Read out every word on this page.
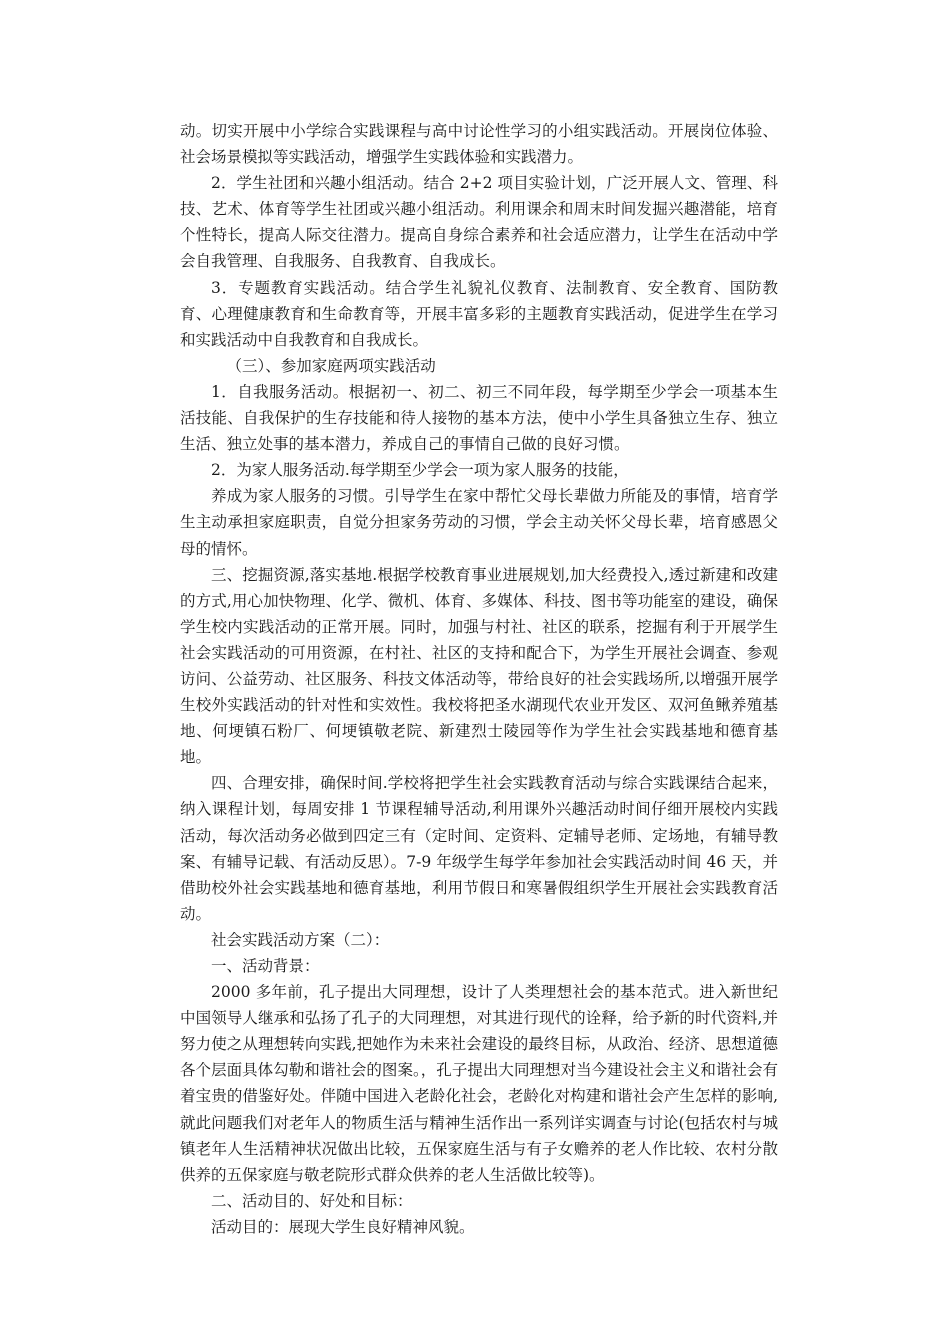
动。切实开展中小学综合实践课程与高中讨论性学习的小组实践活动。开展岗位体验、社会场景模拟等实践活动，增强学生实践体验和实践潜力。

2．学生社团和兴趣小组活动。结合 2+2 项目实验计划，广泛开展人文、管理、科技、艺术、体育等学生社团或兴趣小组活动。利用课余和周末时间发掘兴趣潜能，培育个性特长，提高人际交往潜力。提高自身综合素养和社会适应潜力，让学生在活动中学会自我管理、自我服务、自我教育、自我成长。

3．专题教育实践活动。结合学生礼貌礼仪教育、法制教育、安全教育、国防教育、心理健康教育和生命教育等，开展丰富多彩的主题教育实践活动，促进学生在学习和实践活动中自我教育和自我成长。

（三）、参加家庭两项实践活动

1．自我服务活动。根据初一、初二、初三不同年段，每学期至少学会一项基本生活技能、自我保护的生存技能和待人接物的基本方法，使中小学生具备独立生存、独立生活、独立处事的基本潜力，养成自己的事情自己做的良好习惯。

2．为家人服务活动.每学期至少学会一项为家人服务的技能，

养成为家人服务的习惯。引导学生在家中帮忙父母长辈做力所能及的事情，培育学生主动承担家庭职责，自觉分担家务劳动的习惯，学会主动关怀父母长辈，培育感恩父母的情怀。

三、挖掘资源,落实基地.根据学校教育事业进展规划,加大经费投入,透过新建和改建的方式,用心加快物理、化学、微机、体育、多媒体、科技、图书等功能室的建设，确保学生校内实践活动的正常开展。同时，加强与村社、社区的联系，挖掘有利于开展学生社会实践活动的可用资源，在村社、社区的支持和配合下，为学生开展社会调查、参观访问、公益劳动、社区服务、科技文体活动等，带给良好的社会实践场所,以增强开展学生校外实践活动的针对性和实效性。我校将把圣水湖现代农业开发区、双河鱼鳅养殖基地、何埂镇石粉厂、何埂镇敬老院、新建烈士陵园等作为学生社会实践基地和德育基地。

四、合理安排，确保时间.学校将把学生社会实践教育活动与综合实践课结合起来，纳入课程计划，每周安排 1 节课程辅导活动,利用课外兴趣活动时间仔细开展校内实践活动，每次活动务必做到四定三有（定时间、定资料、定辅导老师、定场地，有辅导教案、有辅导记载、有活动反思）。7-9 年级学生每学年参加社会实践活动时间 46 天，并借助校外社会实践基地和德育基地，利用节假日和寒暑假组织学生开展社会实践教育活动。

社会实践活动方案（二）：

一、活动背景：

2000 多年前，孔子提出大同理想，设计了人类理想社会的基本范式。进入新世纪中国领导人继承和弘扬了孔子的大同理想，对其进行现代的诠释，给予新的时代资料,并努力使之从理想转向实践,把她作为未来社会建设的最终目标，从政治、经济、思想道德各个层面具体勾勒和谐社会的图案。，孔子提出大同理想对当今建设社会主义和谐社会有着宝贵的借鉴好处。伴随中国进入老龄化社会，老龄化对构建和谐社会产生怎样的影响,就此问题我们对老年人的物质生活与精神生活作出一系列详实调查与讨论(包括农村与城镇老年人生活精神状况做出比较，五保家庭生活与有子女赡养的老人作比较、农村分散供养的五保家庭与敬老院形式群众供养的老人生活做比较等)。

二、活动目的、好处和目标：

活动目的：展现大学生良好精神风貌。
